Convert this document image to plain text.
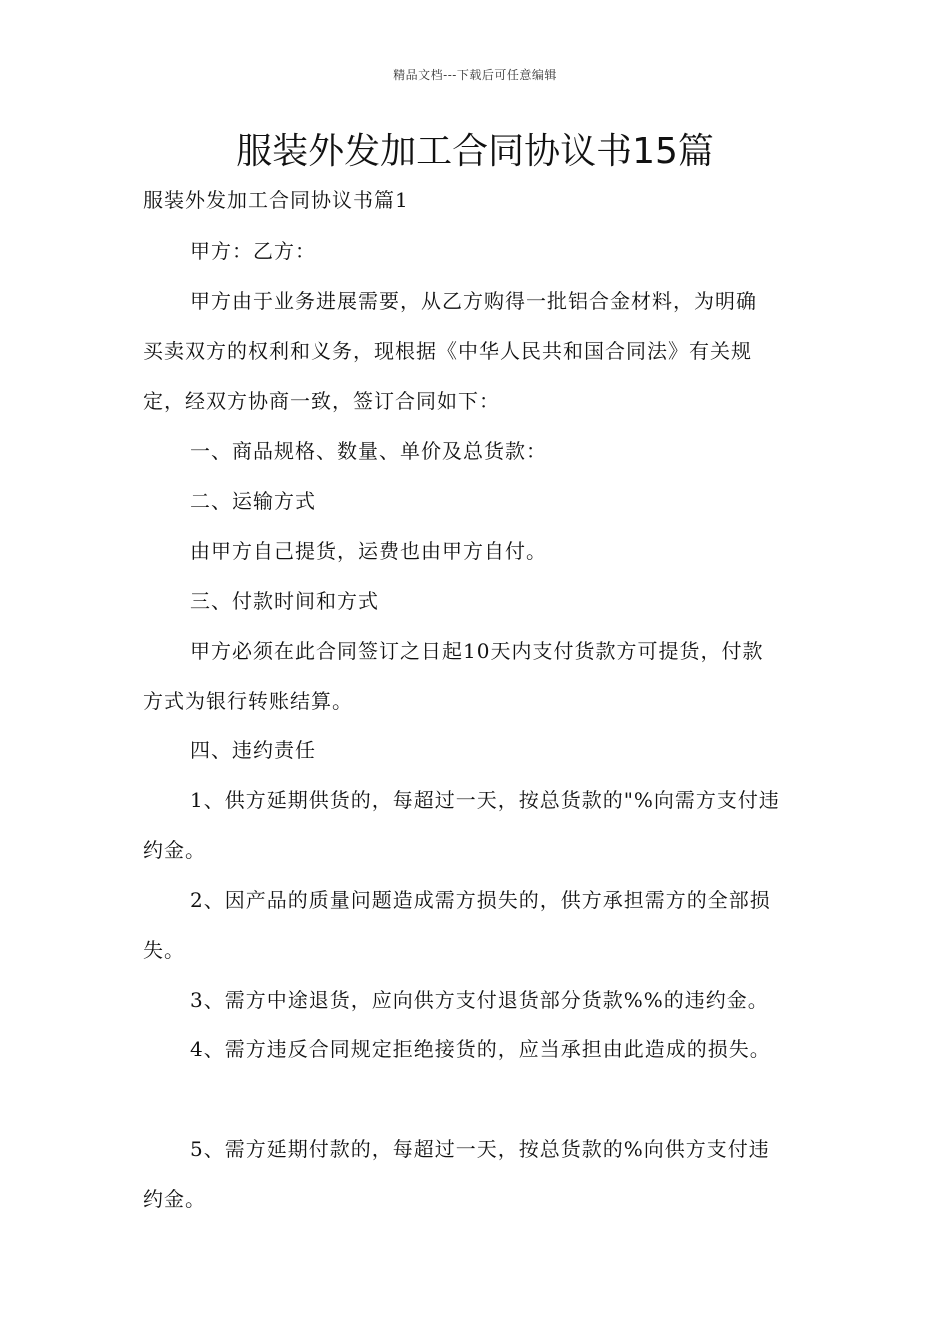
精品文档---下载后可任意编辑
服装外发加工合同协议书15篇

服装外发加工合同协议书篇1

甲方：乙方：

甲方由于业务进展需要，从乙方购得一批铝合金材料，为明确

买卖双方的权利和义务，现根据《中华人民共和国合同法》有关规

定，经双方协商一致，签订合同如下：

一、商品规格、数量、单价及总货款：

二、运输方式

由甲方自己提货，运费也由甲方自付。

三、付款时间和方式

甲方必须在此合同签订之日起10天内支付货款方可提货，付款

方式为银行转账结算。

四、违约责任

1、供方延期供货的，每超过一天，按总货款的"%向需方支付违

约金。

2、因产品的质量问题造成需方损失的，供方承担需方的全部损

失。

3、需方中途退货，应向供方支付退货部分货款%%的违约金。

4、需方违反合同规定拒绝接货的，应当承担由此造成的损失。

5、需方延期付款的，每超过一天，按总货款的%向供方支付违

约金。
